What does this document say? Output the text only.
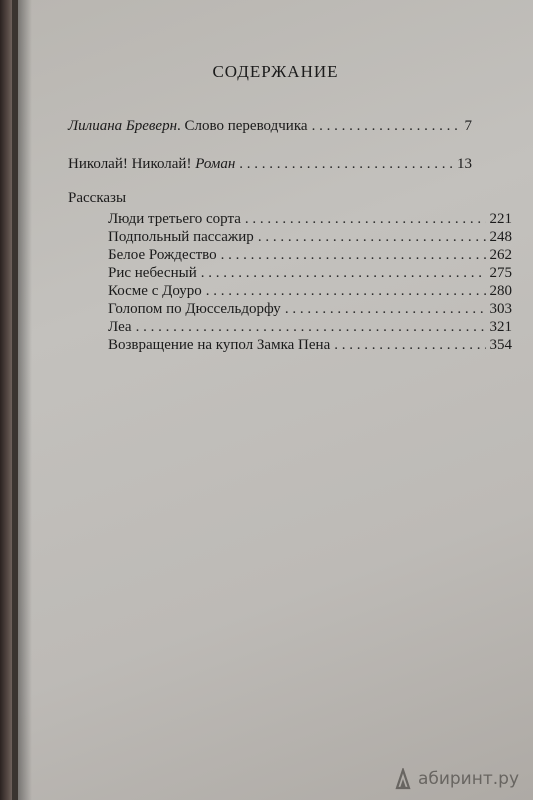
СОДЕРЖАНИЕ
Лилиана Бреверн. Слово переводчика . . .	7
Николай! Николай! Роман . . .	13
Рассказы
Люди третьего сорта . . .	221
Подпольный пассажир . . .	248
Белое Рождество . . .	262
Рис небесный . . .	275
Косме с Доуро . . .	280
Голопом по Дюссельдорфу . . .	303
Леа . . .	321
Возвращение на купол Замка Пена . . .	354
абиринт.ру
